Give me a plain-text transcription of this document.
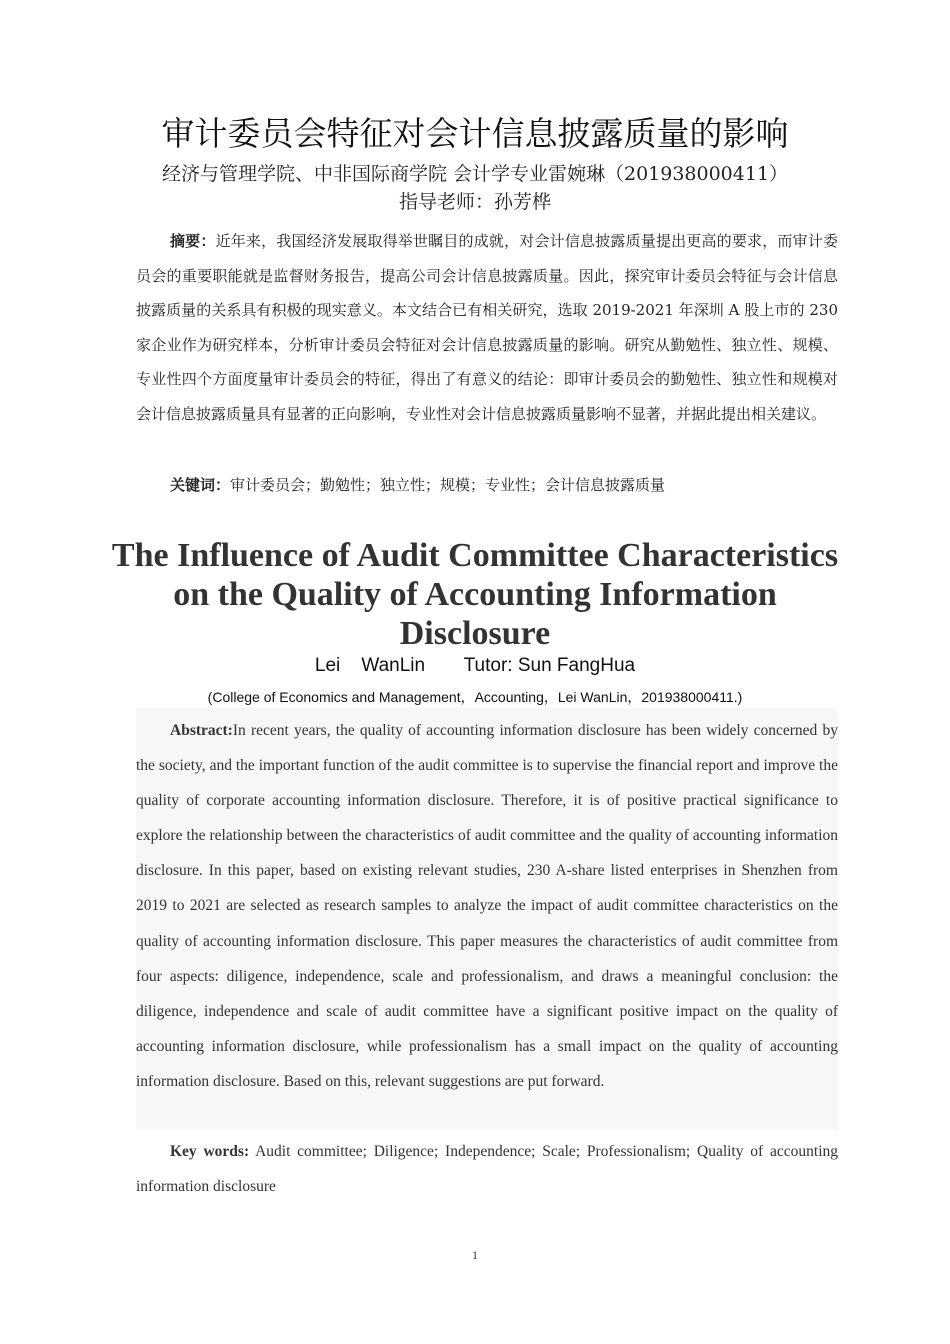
审计委员会特征对会计信息披露质量的影响
经济与管理学院、中非国际商学院 会计学专业雷婉琳（201938000411）
指导老师：孙芳桦
摘要：近年来，我国经济发展取得举世瞩目的成就，对会计信息披露质量提出更高的要求，而审计委员会的重要职能就是监督财务报告，提高公司会计信息披露质量。因此，探究审计委员会特征与会计信息披露质量的关系具有积极的现实意义。本文结合已有相关研究，选取 2019-2021 年深圳 A 股上市的 230 家企业作为研究样本，分析审计委员会特征对会计信息披露质量的影响。研究从勤勉性、独立性、规模、专业性四个方面度量审计委员会的特征，得出了有意义的结论：即审计委员会的勤勉性、独立性和规模对会计信息披露质量具有显著的正向影响，专业性对会计信息披露质量影响不显著，并据此提出相关建议。
关键词：审计委员会；勤勉性；独立性；规模；专业性；会计信息披露质量
The Influence of Audit Committee Characteristics on the Quality of Accounting Information Disclosure
Lei    WanLin Tutor: Sun FangHua
(College of Economics and Management，Accounting，Lei WanLin，201938000411.)
Abstract:In recent years, the quality of accounting information disclosure has been widely concerned by the society, and the important function of the audit committee is to supervise the financial report and improve the quality of corporate accounting information disclosure. Therefore, it is of positive practical significance to explore the relationship between the characteristics of audit committee and the quality of accounting information disclosure. In this paper, based on existing relevant studies, 230 A-share listed enterprises in Shenzhen from 2019 to 2021 are selected as research samples to analyze the impact of audit committee characteristics on the quality of accounting information disclosure. This paper measures the characteristics of audit committee from four aspects: diligence, independence, scale and professionalism, and draws a meaningful conclusion: the diligence, independence and scale of audit committee have a significant positive impact on the quality of accounting information disclosure, while professionalism has a small impact on the quality of accounting information disclosure. Based on this, relevant suggestions are put forward.
Key words: Audit committee; Diligence; Independence; Scale; Professionalism; Quality of accounting information disclosure
1
